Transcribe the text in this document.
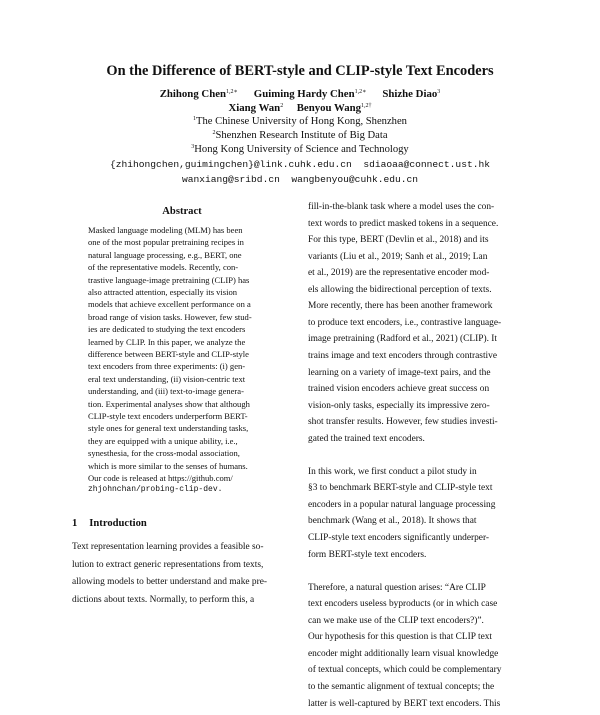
On the Difference of BERT-style and CLIP-style Text Encoders
Zhihong Chen$^{1,2∗}$ Guiming Hardy Chen$^{1,2∗}$ Shizhe Diao$^3$
Xiang Wan$^2$ Benyou Wang$^{1,2\dagger}$
$^1$The Chinese University of Hong Kong, Shenzhen
$^2$Shenzhen Research Institute of Big Data
$^3$Hong Kong University of Science and Technology
{zhihongchen,guimingchen}@link.cuhk.edu.cn  sdiaoaa@connect.ust.hk
wanxiang@sribd.cn  wangbenyou@cuhk.edu.cn
Abstract
Masked language modeling (MLM) has been
one of the most popular pretraining recipes in
natural language processing, e.g., BERT, one
of the representative models. Recently, con-
trastive language-image pretraining (CLIP) has
also attracted attention, especially its vision
models that achieve excellent performance on a
broad range of vision tasks. However, few stud-
ies are dedicated to studying the text encoders
learned by CLIP. In this paper, we analyze the
difference between BERT-style and CLIP-style
text encoders from three experiments: (i) gen-
eral text understanding, (ii) vision-centric text
understanding, and (iii) text-to-image genera-
tion. Experimental analyses show that although
CLIP-style text encoders underperform BERT-
style ones for general text understanding tasks,
they are equipped with a unique ability, i.e.,
synesthesia, for the cross-modal association,
which is more similar to the senses of humans.
Our code is released at https://github.com/
zhjohnchan/probing-clip-dev.
1 Introduction
Text representation learning provides a feasible so-
lution to extract generic representations from texts,
allowing models to better understand and make pre-
dictions about texts. Normally, to perform this, a
fill-in-the-blank task where a model uses the con-
text words to predict masked tokens in a sequence.
For this type, BERT (Devlin et al., 2018) and its
variants (Liu et al., 2019; Sanh et al., 2019; Lan
et al., 2019) are the representative encoder mod-
els allowing the bidirectional perception of texts.
More recently, there has been another framework
to produce text encoders, i.e., contrastive language-
image pretraining (Radford et al., 2021) (CLIP). It
trains image and text encoders through contrastive
learning on a variety of image-text pairs, and the
trained vision encoders achieve great success on
vision-only tasks, especially its impressive zero-
shot transfer results. However, few studies investi-
gated the trained text encoders.
In this work, we first conduct a pilot study in
§3 to benchmark BERT-style and CLIP-style text
encoders in a popular natural language processing
benchmark (Wang et al., 2018). It shows that
CLIP-style text encoders significantly underper-
form BERT-style text encoders.
Therefore, a natural question arises: “Are CLIP
text encoders useless byproducts (or in which case
can we make use of the CLIP text encoders?)”.
Our hypothesis for this question is that CLIP text
encoder might additionally learn visual knowledge
of textual concepts, which could be complementary
to the semantic alignment of textual concepts; the
latter is well-captured by BERT text encoders. This
